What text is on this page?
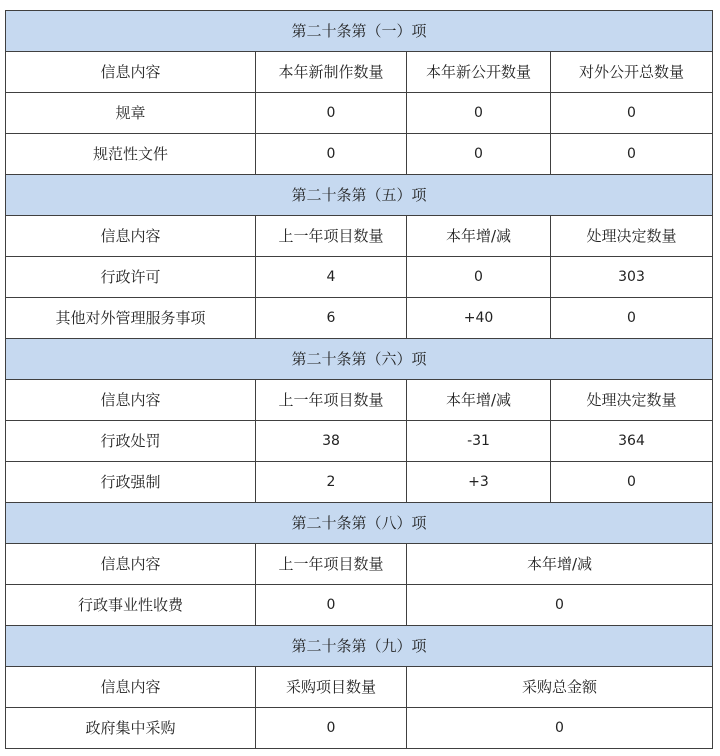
第二十条第（一）项			
信息内容	本年新制作数量	本年新公开数量	对外公开总数量
规章	0	0	0
规范性文件	0	0	0
第二十条第（五）项			
信息内容	上一年项目数量	本年增/减	处理决定数量
行政许可	4	0	303
其他对外管理服务事项	6	+40	0
第二十条第（六）项			
信息内容	上一年项目数量	本年增/减	处理决定数量
行政处罚	38	-31	364
行政强制	2	+3	0
第二十条第（八）项			
信息内容	上一年项目数量	本年增/减	
行政事业性收费	0	0	
第二十条第（九）项			
信息内容	采购项目数量	采购总金额	
政府集中采购	0	0	
